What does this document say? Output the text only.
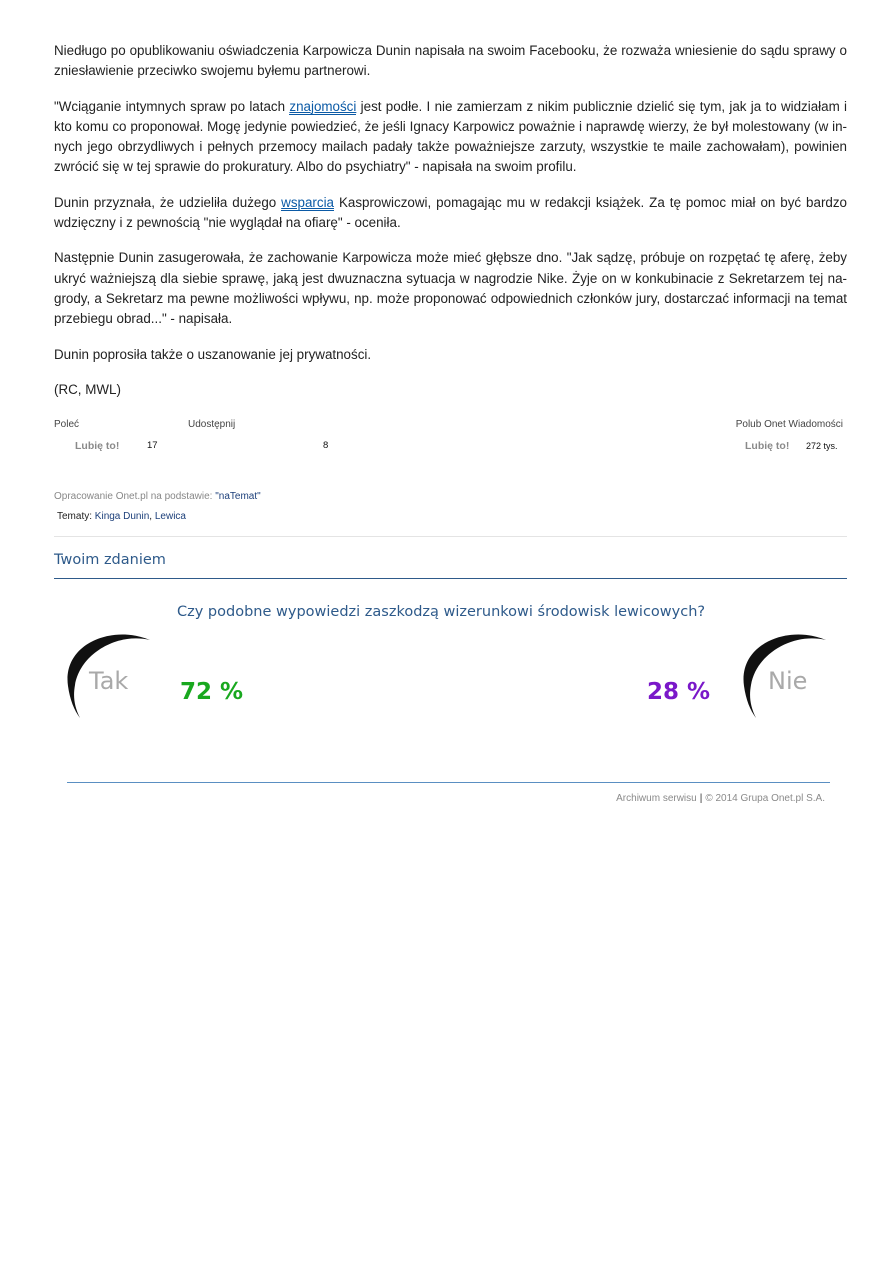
Niedługo po opublikowaniu oświadczenia Karpowicza Dunin napisała na swoim Facebooku, że rozważa wniesienie do sądu sprawy o zniesławienie przeciwko swojemu byłemu partnerowi.

"Wciąganie intymnych spraw po latach znajomości jest podłe. I nie zamierzam z nikim publicznie dzielić się tym, jak ja to widziałam i kto komu co proponował. Mogę jedynie powiedzieć, że jeśli Ignacy Karpowicz poważnie i naprawdę wierzy, że był molestowany (w in-nych jego obrzydliwych i pełnych przemocy mailach padały także poważniejsze zarzuty, wszystkie te maile zachowałam), powinien zwrócić się w tej sprawie do prokuratury. Albo do psychiatry" - napisała na swoim profilu.

Dunin przyznała, że udzieliła dużego wsparcia Kasprowiczowi, pomagając mu w redakcji książek. Za tę pomoc miał on być bardzo wdzięczny i z pewnością "nie wyglądał na ofiarę" - oceniła.

Następnie Dunin zasugerowała, że zachowanie Karpowicza może mieć głębsze dno. "Jak sądzę, próbuje on rozpętać tę aferę, żeby ukryć ważniejszą dla siebie sprawę, jaką jest dwuznaczna sytuacja w nagrodzie Nike. Żyje on w konkubinacie z Sekretarzem tej na-grody, a Sekretarz ma pewne możliwości wpływu, np. może proponować odpowiednich członków jury, dostarczać informacji na temat przebiegu obrad..." - napisała.

Dunin poprosiła także o uszanowanie jej prywatności.

(RC, MWL)

Poleć	Udostępnij	Polub Onet Wiadomości
Lubię to!	17	8	Lubię to! 272 tys.
Opracowanie Onet.pl na podstawie: "naTemat"
Tematy: Kinga Dunin, Lewica
Twoim zdaniem
Czy podobne wypowiedzi zaszkodzą wizerunkowi środowisk lewicowych?
Tak 72 %	28 % Nie
Archiwum serwisu | © 2014 Grupa Onet.pl S.A.
